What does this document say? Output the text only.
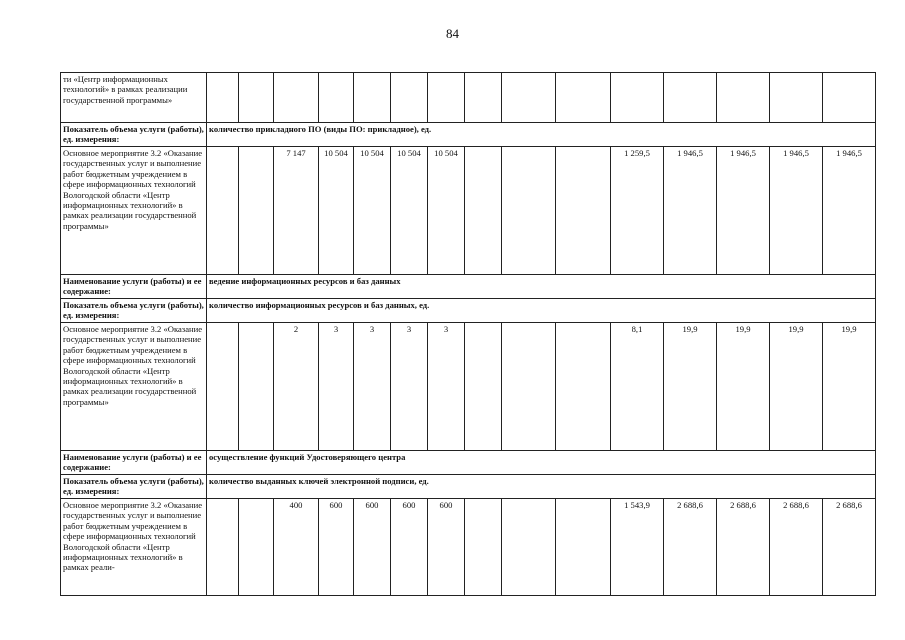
84
ти «Центр информационных технологий» в рамках реализации государственной программы»															
Показатель объема услуги (работы), ед. измерения:	количество прикладного ПО (виды ПО: прикладное), ед.														
Основное мероприятие 3.2 «Оказание государственных услуг и выполнение работ бюджетным учреждением в сфере информационных технологий Вологодской области «Центр информационных технологий» в рамках реализации государственной программы»			7 147	10 504	10 504	10 504	10 504				1 259,5	1 946,5	1 946,5	1 946,5	1 946,5
Наименование услуги (работы) и ее содержание:	ведение информационных ресурсов и баз данных														
Показатель объема услуги (работы), ед. измерения:	количество информационных ресурсов и баз данных, ед.														
Основное мероприятие 3.2 «Оказание государственных услуг и выполнение работ бюджетным учреждением в сфере информационных технологий Вологодской области «Центр информационных технологий» в рамках реализации государственной программы»			2	3	3	3	3				8,1	19,9	19,9	19,9	19,9
Наименование услуги (работы) и ее содержание:	осуществление функций Удостоверяющего центра														
Показатель объема услуги (работы), ед. измерения:	количество выданных ключей электронной подписи, ед.														
Основное мероприятие 3.2 «Оказание государственных услуг и выполнение работ бюджетным учреждением в сфере информационных технологий Вологодской области «Центр информационных технологий» в рамках реали-			400	600	600	600	600				1 543,9	2 688,6	2 688,6	2 688,6	2 688,6
